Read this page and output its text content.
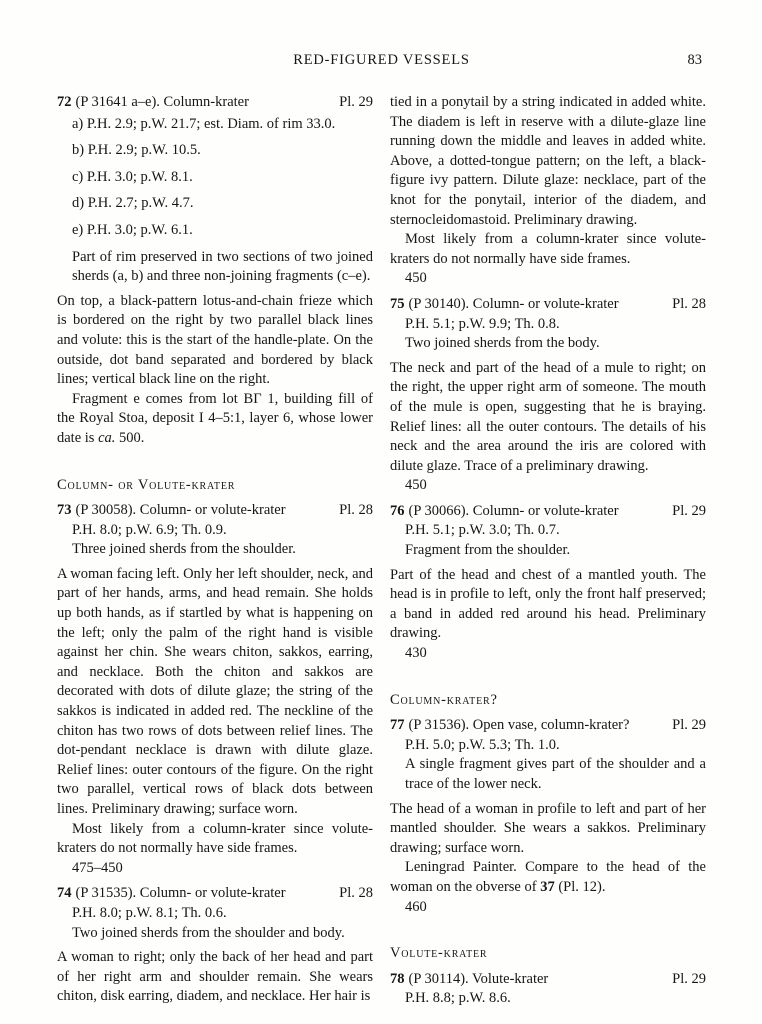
RED-FIGURED VESSELS	83
72 (P 31641 a–e). Column-krater	Pl. 29
a) P.H. 2.9; p.W. 21.7; est. Diam. of rim 33.0.
b) P.H. 2.9; p.W. 10.5.
c) P.H. 3.0; p.W. 8.1.
d) P.H. 2.7; p.W. 4.7.
e) P.H. 3.0; p.W. 6.1.
Part of rim preserved in two sections of two joined sherds (a, b) and three non-joining fragments (c–e).
On top, a black-pattern lotus-and-chain frieze which is bordered on the right by two parallel black lines and volute: this is the start of the handle-plate. On the outside, dot band separated and bordered by black lines; vertical black line on the right.
Fragment e comes from lot ΒΓ 1, building fill of the Royal Stoa, deposit I 4–5:1, layer 6, whose lower date is ca. 500.
Column- or Volute-krater
73 (P 30058). Column- or volute-krater	Pl. 28
P.H. 8.0; p.W. 6.9; Th. 0.9.
Three joined sherds from the shoulder.
A woman facing left. Only her left shoulder, neck, and part of her hands, arms, and head remain. She holds up both hands, as if startled by what is happening on the left; only the palm of the right hand is visible against her chin. She wears chiton, sakkos, earring, and necklace. Both the chiton and sakkos are decorated with dots of dilute glaze; the string of the sakkos is indicated in added red. The neckline of the chiton has two rows of dots between relief lines. The dot-pendant necklace is drawn with dilute glaze. Relief lines: outer contours of the figure. On the right two parallel, vertical rows of black dots between lines. Preliminary drawing; surface worn.
Most likely from a column-krater since volute-kraters do not normally have side frames.
475–450
74 (P 31535). Column- or volute-krater	Pl. 28
P.H. 8.0; p.W. 8.1; Th. 0.6.
Two joined sherds from the shoulder and body.
A woman to right; only the back of her head and part of her right arm and shoulder remain. She wears chiton, disk earring, diadem, and necklace. Her hair is
tied in a ponytail by a string indicated in added white. The diadem is left in reserve with a dilute-glaze line running down the middle and leaves in added white. Above, a dotted-tongue pattern; on the left, a black-figure ivy pattern. Dilute glaze: necklace, part of the knot for the ponytail, interior of the diadem, and sternocleidomastoid. Preliminary drawing.
Most likely from a column-krater since volute-kraters do not normally have side frames.
450
75 (P 30140). Column- or volute-krater	Pl. 28
P.H. 5.1; p.W. 9.9; Th. 0.8.
Two joined sherds from the body.
The neck and part of the head of a mule to right; on the right, the upper right arm of someone. The mouth of the mule is open, suggesting that he is braying. Relief lines: all the outer contours. The details of his neck and the area around the iris are colored with dilute glaze. Trace of a preliminary drawing.
450
76 (P 30066). Column- or volute-krater	Pl. 29
P.H. 5.1; p.W. 3.0; Th. 0.7.
Fragment from the shoulder.
Part of the head and chest of a mantled youth. The head is in profile to left, only the front half preserved; a band in added red around his head. Preliminary drawing.
430
Column-krater?
77 (P 31536). Open vase, column-krater?	Pl. 29
P.H. 5.0; p.W. 5.3; Th. 1.0.
A single fragment gives part of the shoulder and a trace of the lower neck.
The head of a woman in profile to left and part of her mantled shoulder. She wears a sakkos. Preliminary drawing; surface worn.
Leningrad Painter. Compare to the head of the woman on the obverse of 37 (Pl. 12).
460
Volute-krater
78 (P 30114). Volute-krater	Pl. 29
P.H. 8.8; p.W. 8.6.
